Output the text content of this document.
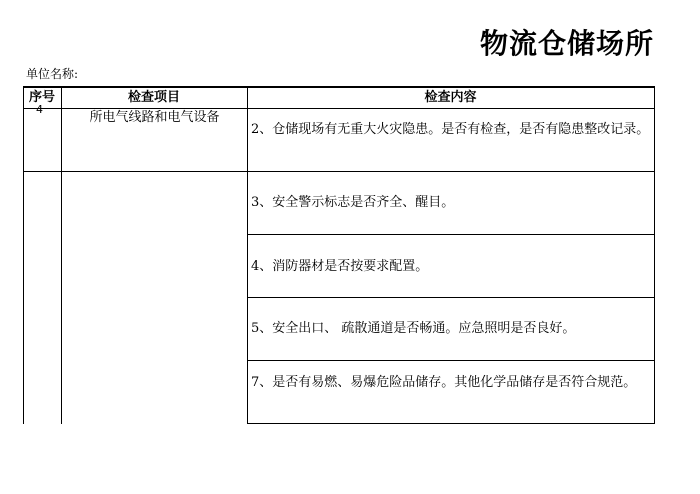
物流仓储场所
单位名称:
序号	检查项目	检查内容
4
所电气线路和电气设备
2、仓储现场有无重大火灾隐患。是否有检查，是否有隐患整改记录。
3、安全警示标志是否齐全、醒目。
4、消防器材是否按要求配置。
5、安全出口、 疏散通道是否畅通。应急照明是否良好。
7、是否有易燃、易爆危险品储存。其他化学品储存是否符合规范。
